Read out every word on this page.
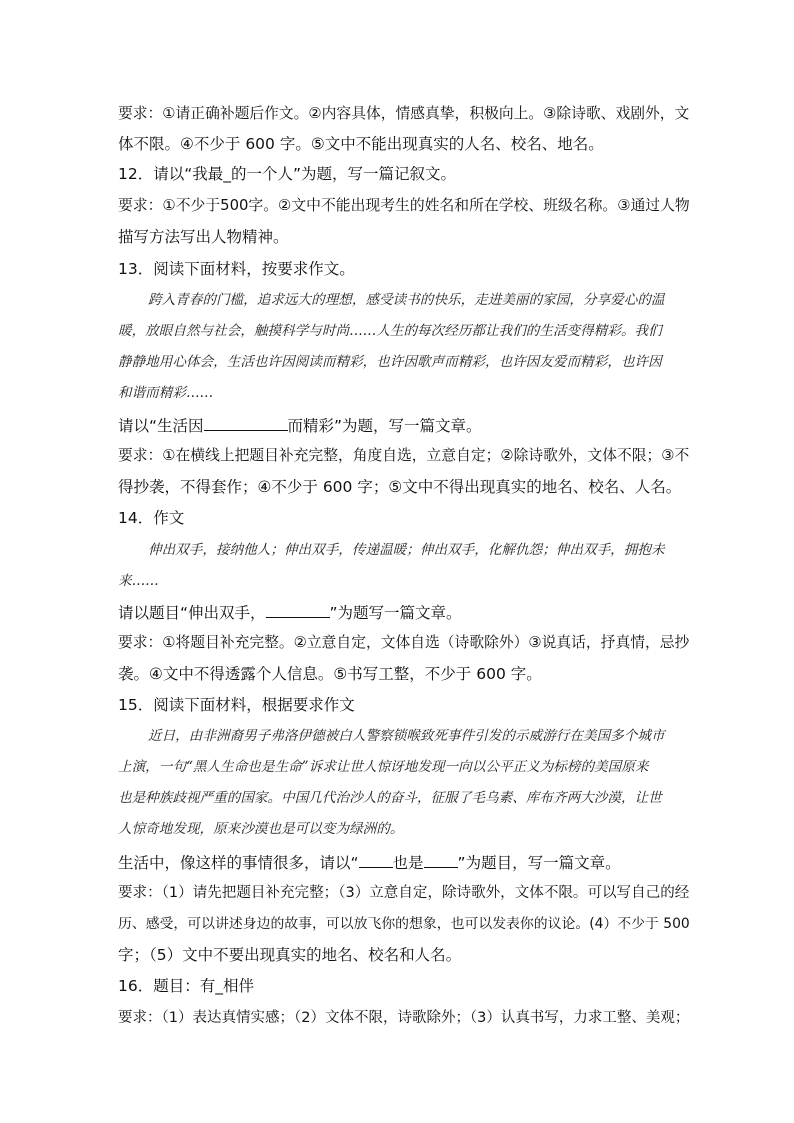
要求：①请正确补题后作文。②内容具体，情感真挚，积极向上。③除诗歌、戏剧外，文
体不限。④不少于 600 字。⑤文中不能出现真实的人名、校名、地名。
12．请以“我最_的一个人”为题，写一篇记叙文。
要求：①不少于500字。②文中不能出现考生的姓名和所在学校、班级名称。③通过人物
描写方法写出人物精神。
13．阅读下面材料，按要求作文。
跨入青春的门槛，追求远大的理想，感受读书的快乐，走进美丽的家园，分享爱心的温
暖，放眼自然与社会，触摸科学与时尚……人生的每次经历都让我们的生活变得精彩。我们
静静地用心体会，生活也许因阅读而精彩，也许因歌声而精彩，也许因友爱而精彩，也许因
和谐而精彩……
请以“生活因	而精彩”为题，写一篇文章。
要求：①在横线上把题目补充完整，角度自选，立意自定；②除诗歌外，文体不限；③不
得抄袭，不得套作；④不少于 600 字；⑤文中不得出现真实的地名、校名、人名。
14．作文
伸出双手，接纳他人；伸出双手，传递温暖；伸出双手，化解仇怨；伸出双手，拥抱未
来……
请以题目“伸出双手，	”为题写一篇文章。
要求：①将题目补充完整。②立意自定，文体自选（诗歌除外）③说真话，抒真情，忌抄
袭。④文中不得透露个人信息。⑤书写工整，不少于 600 字。
15．阅读下面材料，根据要求作文
近日，由非洲裔男子弗洛伊德被白人警察锁喉致死事件引发的示威游行在美国多个城市
上演，一句“黑人生命也是生命”诉求让世人惊讶地发现一向以公平正义为标榜的美国原来
也是种族歧视严重的国家。中国几代治沙人的奋斗，征服了毛乌素、库布齐两大沙漠，让世
人惊奇地发现，原来沙漠也是可以变为绿洲的。
生活中，像这样的事情很多，请以“ 也是 ”为题目，写一篇文章。
要求：（1）请先把题目补充完整；（3）立意自定，除诗歌外，文体不限。可以写自己的经
历、感受，可以讲述身边的故事，可以放飞你的想象，也可以发表你的议论。(4）不少于 500
字；（5）文中不要出现真实的地名、校名和人名。
16．题目：有_相伴
要求：（1）表达真情实感；（2）文体不限，诗歌除外；（3）认真书写，力求工整、美观；
